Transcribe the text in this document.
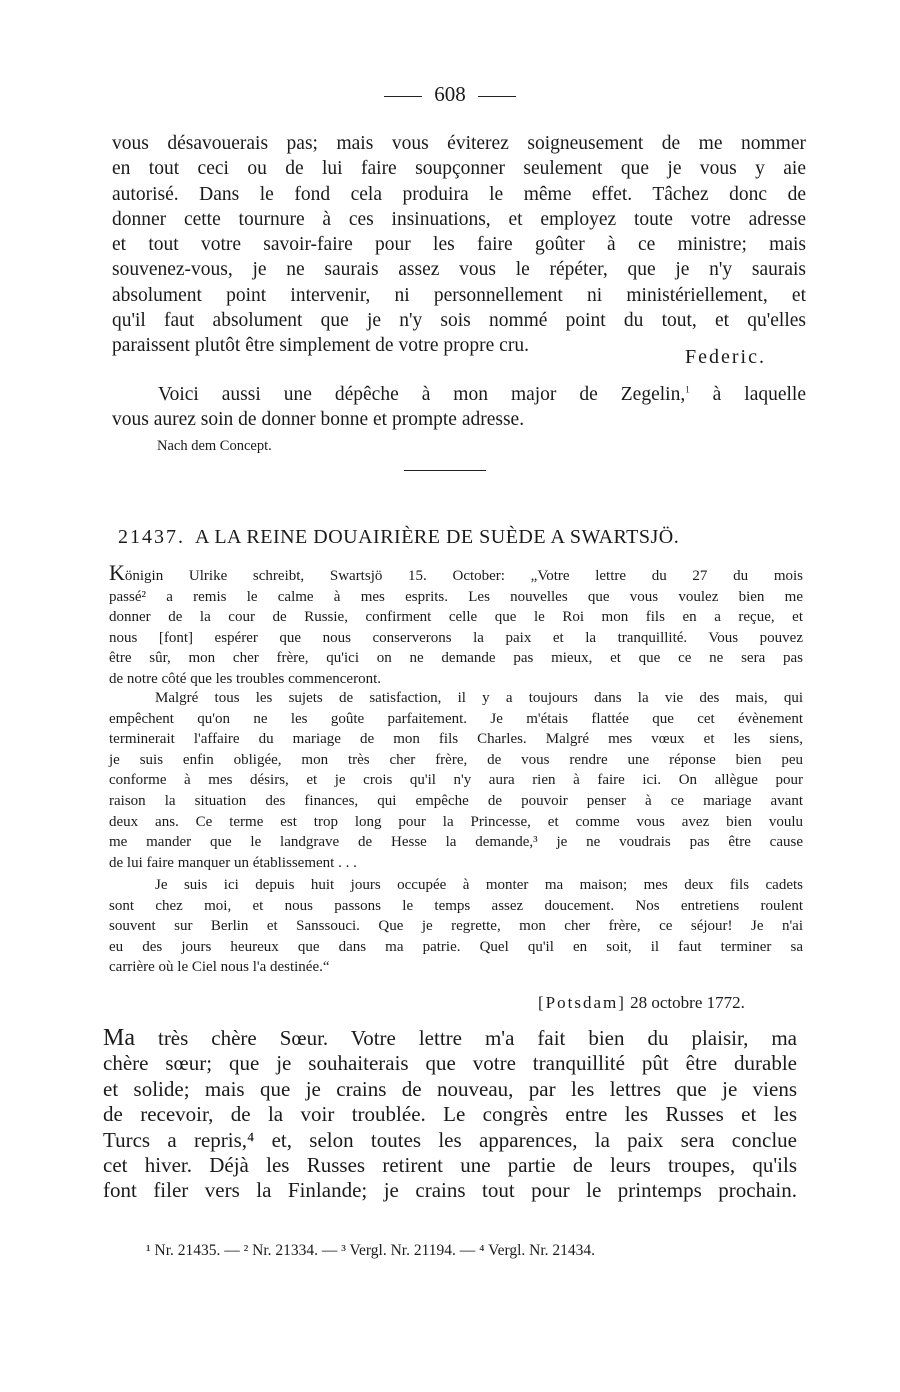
608
vous désavouerais pas; mais vous éviterez soigneusement de me nommer
en tout ceci ou de lui faire soupçonner seulement que je vous y aie
autorisé. Dans le fond cela produira le même effet. Tâchez donc de
donner cette tournure à ces insinuations, et employez toute votre adresse
et tout votre savoir-faire pour les faire goûter à ce ministre; mais
souvenez-vous, je ne saurais assez vous le répéter, que je n'y saurais
absolument point intervenir, ni personnellement ni ministériellement, et
qu'il faut absolument que je n'y sois nommé point du tout, et qu'elles
paraissent plutôt être simplement de votre propre cru.
Federic.
Voici aussi une dépêche à mon major de Zegelin,$^1$ à laquelle
vous aurez soin de donner bonne et prompte adresse.
Nach dem Concept.
21437. A LA REINE DOUAIRIÈRE DE SUÈDE A SWARTSJÖ.
Königin Ulrike schreibt, Swartsjö 15. October: „Votre lettre du 27 du mois
passé² a remis le calme à mes esprits. Les nouvelles que vous voulez bien me
donner de la cour de Russie, confirment celle que le Roi mon fils en a reçue, et
nous [font] espérer que nous conserverons la paix et la tranquillité. Vous pouvez
être sûr, mon cher frère, qu'ici on ne demande pas mieux, et que ce ne sera pas
de notre côté que les troubles commenceront.
Malgré tous les sujets de satisfaction, il y a toujours dans la vie des mais, qui
empêchent qu'on ne les goûte parfaitement. Je m'étais flattée que cet évènement
terminerait l'affaire du mariage de mon fils Charles. Malgré mes vœux et les siens,
je suis enfin obligée, mon très cher frère, de vous rendre une réponse bien peu
conforme à mes désirs, et je crois qu'il n'y aura rien à faire ici. On allègue pour
raison la situation des finances, qui empêche de pouvoir penser à ce mariage avant
deux ans. Ce terme est trop long pour la Princesse, et comme vous avez bien voulu
me mander que le landgrave de Hesse la demande,³ je ne voudrais pas être cause
de lui faire manquer un établissement . . .
Je suis ici depuis huit jours occupée à monter ma maison; mes deux fils cadets
sont chez moi, et nous passons le temps assez doucement. Nos entretiens roulent
souvent sur Berlin et Sanssouci. Que je regrette, mon cher frère, ce séjour! Je n'ai
eu des jours heureux que dans ma patrie. Quel qu'il en soit, il faut terminer sa
carrière où le Ciel nous l'a destinée.“
[Potsdam] 28 octobre 1772.
Ma très chère Sœur. Votre lettre m'a fait bien du plaisir, ma
chère sœur; que je souhaiterais que votre tranquillité pût être durable
et solide; mais que je crains de nouveau, par les lettres que je viens
de recevoir, de la voir troublée. Le congrès entre les Russes et les
Turcs a repris,⁴ et, selon toutes les apparences, la paix sera conclue
cet hiver. Déjà les Russes retirent une partie de leurs troupes, qu'ils
font filer vers la Finlande; je crains tout pour le printemps prochain.
¹ Nr. 21435. — ² Nr. 21334. — ³ Vergl. Nr. 21194. — ⁴ Vergl. Nr. 21434.
